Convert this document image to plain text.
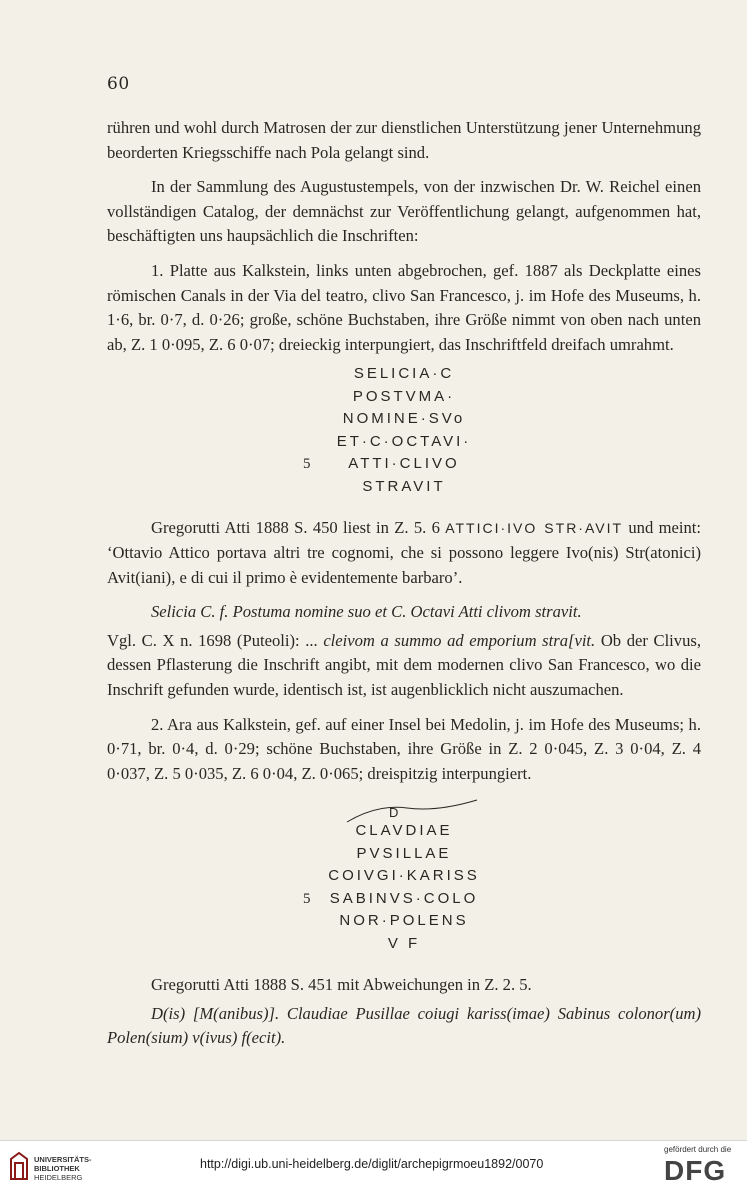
60

rühren und wohl durch Matrosen der zur dienstlichen Unterstützung jener Unternehmung beorderten Kriegsschiffe nach Pola gelangt sind.

In der Sammlung des Augustustempels, von der inzwischen Dr. W. Reichel einen vollständigen Catalog, der demnächst zur Veröffentlichung gelangt, aufgenommen hat, beschäftigten uns haupsächlich die Inschriften:

1. Platte aus Kalkstein, links unten abgebrochen, gef. 1887 als Deckplatte eines römischen Canals in der Via del teatro, clivo San Francesco, j. im Hofe des Museums, h. 1·6, br. 0·7, d. 0·26; große, schöne Buchstaben, ihre Größe nimmt von oben nach unten ab, Z. 1 0·095, Z. 6 0·07; dreieckig interpungiert, das Inschriftfeld dreifach umrahmt.

SELICIA·C
POSTVMA·
NOMINE·SVo
ET·C·OCTAVI·
5	ATTI·CLIVO
STRAVIT

Gregorutti Atti 1888 S. 450 liest in Z. 5. 6 ATTICI·IVO STR·AVIT und meint: ‘Ottavio Attico portava altri tre cognomi, che si possono leggere Ivo(nis) Str(atonici) Avit(iani), e di cui il primo è evidentemente barbaro’.

Selicia C. f. Postuma nomine suo et C. Octavi Atti clivom stravit.

Vgl. C. X n. 1698 (Puteoli): ... cleivom a summo ad emporium stra[vit. Ob der Clivus, dessen Pflasterung die Inschrift angibt, mit dem modernen clivo San Francesco, wo die Inschrift gefunden wurde, identisch ist, ist augenblicklich nicht auszumachen.

2. Ara aus Kalkstein, gef. auf einer Insel bei Medolin, j. im Hofe des Museums; h. 0·71, br. 0·4, d. 0·29; schöne Buchstaben, ihre Größe in Z. 2 0·045, Z. 3 0·04, Z. 4 0·037, Z. 5 0·035, Z. 6 0·04, Z. 0·065; dreispitzig interpungiert.

D
CLAVDIAE
PVSILLAE
COIVGI·KARISS
5 SABINVS·COLO
NOR·POLENS
V F

Gregorutti Atti 1888 S. 451 mit Abweichungen in Z. 2. 5.

D(is) [M(anibus)]. Claudiae Pusillae coiugi kariss(imae) Sabinus colonor(um) Polen(sium) v(ivus) f(ecit).

UNIVERSITÄTS-
BIBLIOTHEK
HEIDELBERG
http://digi.ub.uni-heidelberg.de/diglit/archepigrmoeu1892/0070
gefördert durch die
DFG
